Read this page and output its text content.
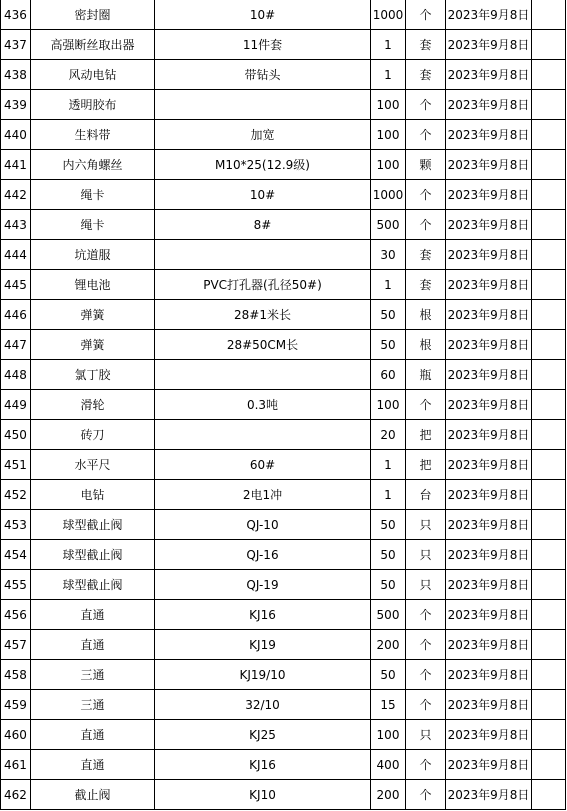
436	密封圈	10#	1000	个	2023年9月8日	
437	高强断丝取出器	11件套	1	套	2023年9月8日	
438	风动电钻	带钻头	1	套	2023年9月8日	
439	透明胶布		100	个	2023年9月8日	
440	生料带	加宽	100	个	2023年9月8日	
441	内六角螺丝	M10*25(12.9级)	100	颗	2023年9月8日	
442	绳卡	10#	1000	个	2023年9月8日	
443	绳卡	8#	500	个	2023年9月8日	
444	坑道服		30	套	2023年9月8日	
445	锂电池	PVC打孔器(孔径50#)	1	套	2023年9月8日	
446	弹簧	28#1米长	50	根	2023年9月8日	
447	弹簧	28#50CM长	50	根	2023年9月8日	
448	氯丁胶		60	瓶	2023年9月8日	
449	滑轮	0.3吨	100	个	2023年9月8日	
450	砖刀		20	把	2023年9月8日	
451	水平尺	60#	1	把	2023年9月8日	
452	电钻	2电1冲	1	台	2023年9月8日	
453	球型截止阀	QJ-10	50	只	2023年9月8日	
454	球型截止阀	QJ-16	50	只	2023年9月8日	
455	球型截止阀	QJ-19	50	只	2023年9月8日	
456	直通	KJ16	500	个	2023年9月8日	
457	直通	KJ19	200	个	2023年9月8日	
458	三通	KJ19/10	50	个	2023年9月8日	
459	三通	32/10	15	个	2023年9月8日	
460	直通	KJ25	100	只	2023年9月8日	
461	直通	KJ16	400	个	2023年9月8日	
462	截止阀	KJ10	200	个	2023年9月8日	
